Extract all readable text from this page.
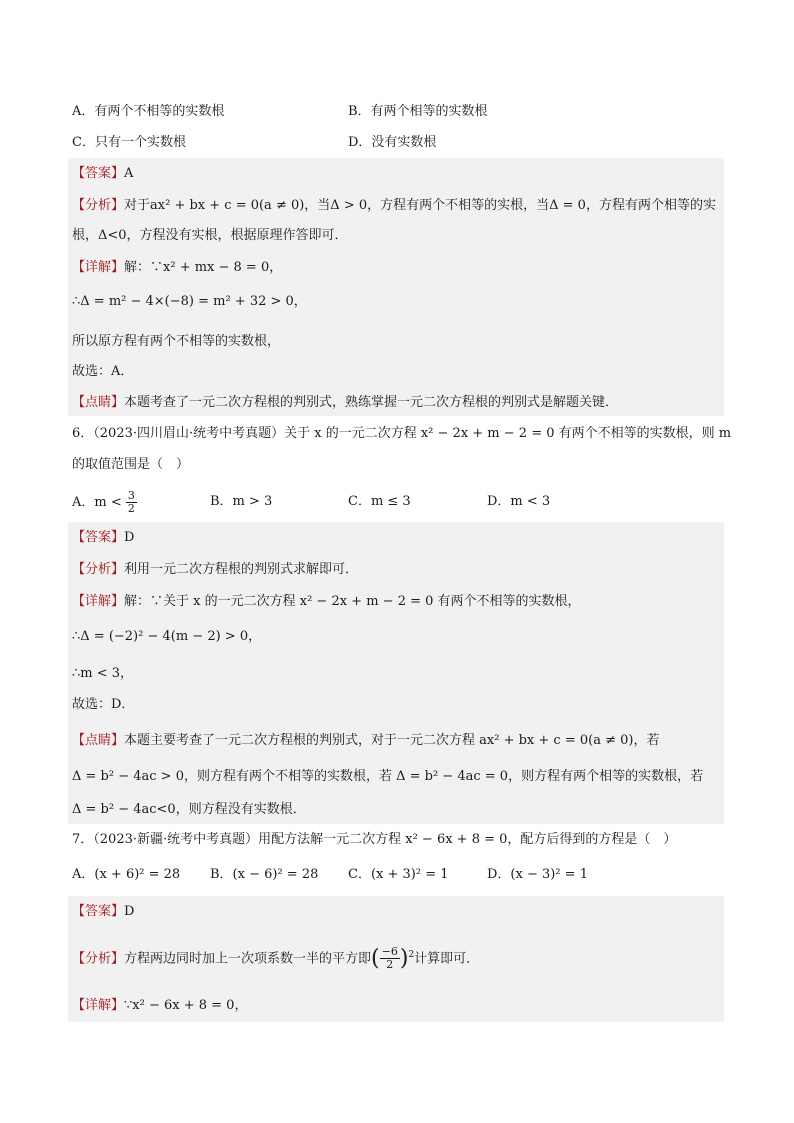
A．有两个不相等的实数根	B．有两个相等的实数根
C．只有一个实数根	D．没有实数根
【答案】A
【分析】对于ax² + bx + c = 0(a ≠ 0)，当Δ > 0，方程有两个不相等的实根，当Δ = 0，方程有两个相等的实
根，Δ<0，方程没有实根，根据原理作答即可．
【详解】解：∵x² + mx − 8 = 0，
∴Δ = m² − 4×(−8) = m² + 32 > 0，
所以原方程有两个不相等的实数根，
故选：A．
【点睛】本题考查了一元二次方程根的判别式，熟练掌握一元二次方程根的判别式是解题关键．
6．（2023·四川眉山·统考中考真题）关于 x 的一元二次方程 x² − 2x + m − 2 = 0 有两个不相等的实数根，则 m
的取值范围是（　）
A．$m < \frac{3}{2}$	B．m > 3	C．m ≤ 3	D．m < 3
【答案】D
【分析】利用一元二次方程根的判别式求解即可．
【详解】解：∵关于 x 的一元二次方程 x² − 2x + m − 2 = 0 有两个不相等的实数根，
∴Δ = (−2)² − 4(m − 2) > 0，
∴m < 3，
故选：D．
【点睛】本题主要考查了一元二次方程根的判别式，对于一元二次方程 ax² + bx + c = 0(a ≠ 0)，若
Δ = b² − 4ac > 0，则方程有两个不相等的实数根，若 Δ = b² − 4ac = 0，则方程有两个相等的实数根，若
Δ = b² − 4ac<0，则方程没有实数根．
7．（2023·新疆·统考中考真题）用配方法解一元二次方程 x² − 6x + 8 = 0，配方后得到的方程是（　）
A．(x + 6)² = 28 B．(x − 6)² = 28 C．(x + 3)² = 1	D．(x − 3)² = 1
【答案】D
【分析】方程两边同时加上一次项系数一半的平方即( $\frac{-6}{2} )^2$计算即可．
【详解】∵x² − 6x + 8 = 0，
